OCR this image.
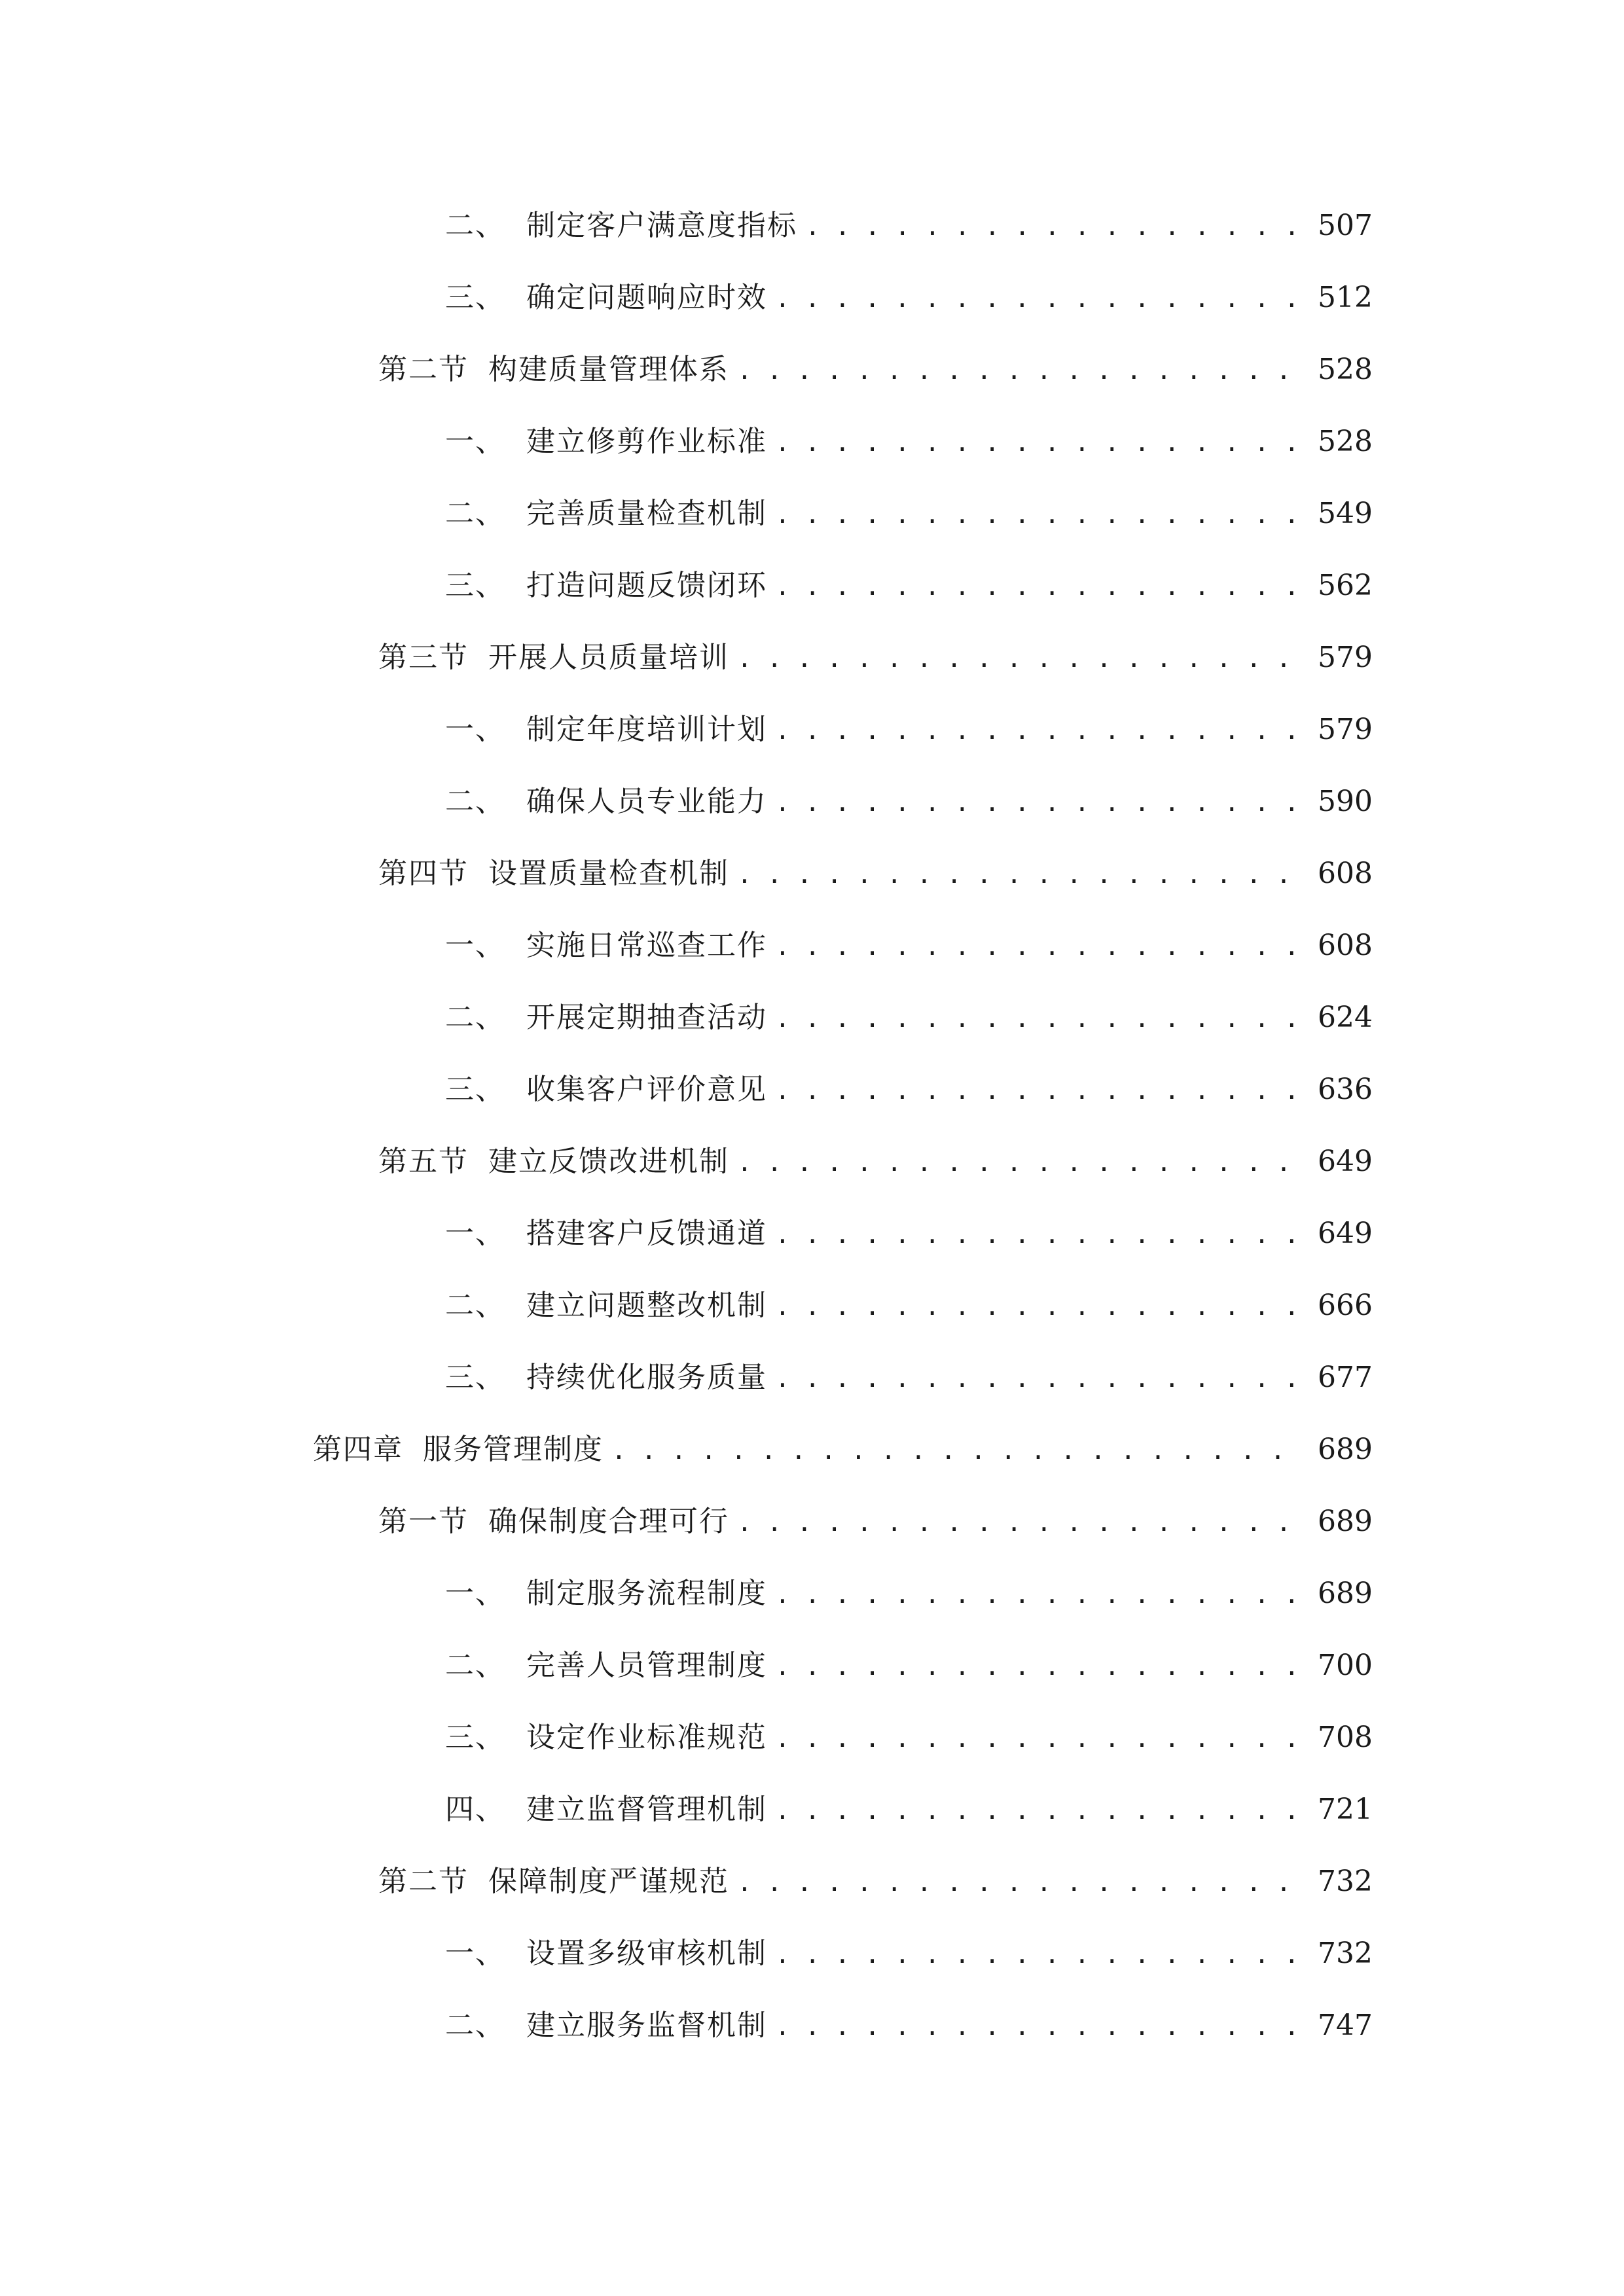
二、 制定客户满意度指标 . . .	507
三、 确定问题响应时效 . . .	512
第二节 构建质量管理体系 . . .	528
一、 建立修剪作业标准 . . .	528
二、 完善质量检查机制 . . .	549
三、 打造问题反馈闭环 . . .	562
第三节 开展人员质量培训 . . .	579
一、 制定年度培训计划 . . .	579
二、 确保人员专业能力 . . .	590
第四节 设置质量检查机制 . . .	608
一、 实施日常巡查工作 . . .	608
二、 开展定期抽查活动 . . .	624
三、 收集客户评价意见 . . .	636
第五节 建立反馈改进机制 . . .	649
一、 搭建客户反馈通道 . . .	649
二、 建立问题整改机制 . . .	666
三、 持续优化服务质量 . . .	677
第四章 服务管理制度 . . .	689
第一节 确保制度合理可行 . . .	689
一、 制定服务流程制度 . . .	689
二、 完善人员管理制度 . . .	700
三、 设定作业标准规范 . . .	708
四、 建立监督管理机制 . . .	721
第二节 保障制度严谨规范 . . .	732
一、 设置多级审核机制 . . .	732
二、 建立服务监督机制 . . .	747
